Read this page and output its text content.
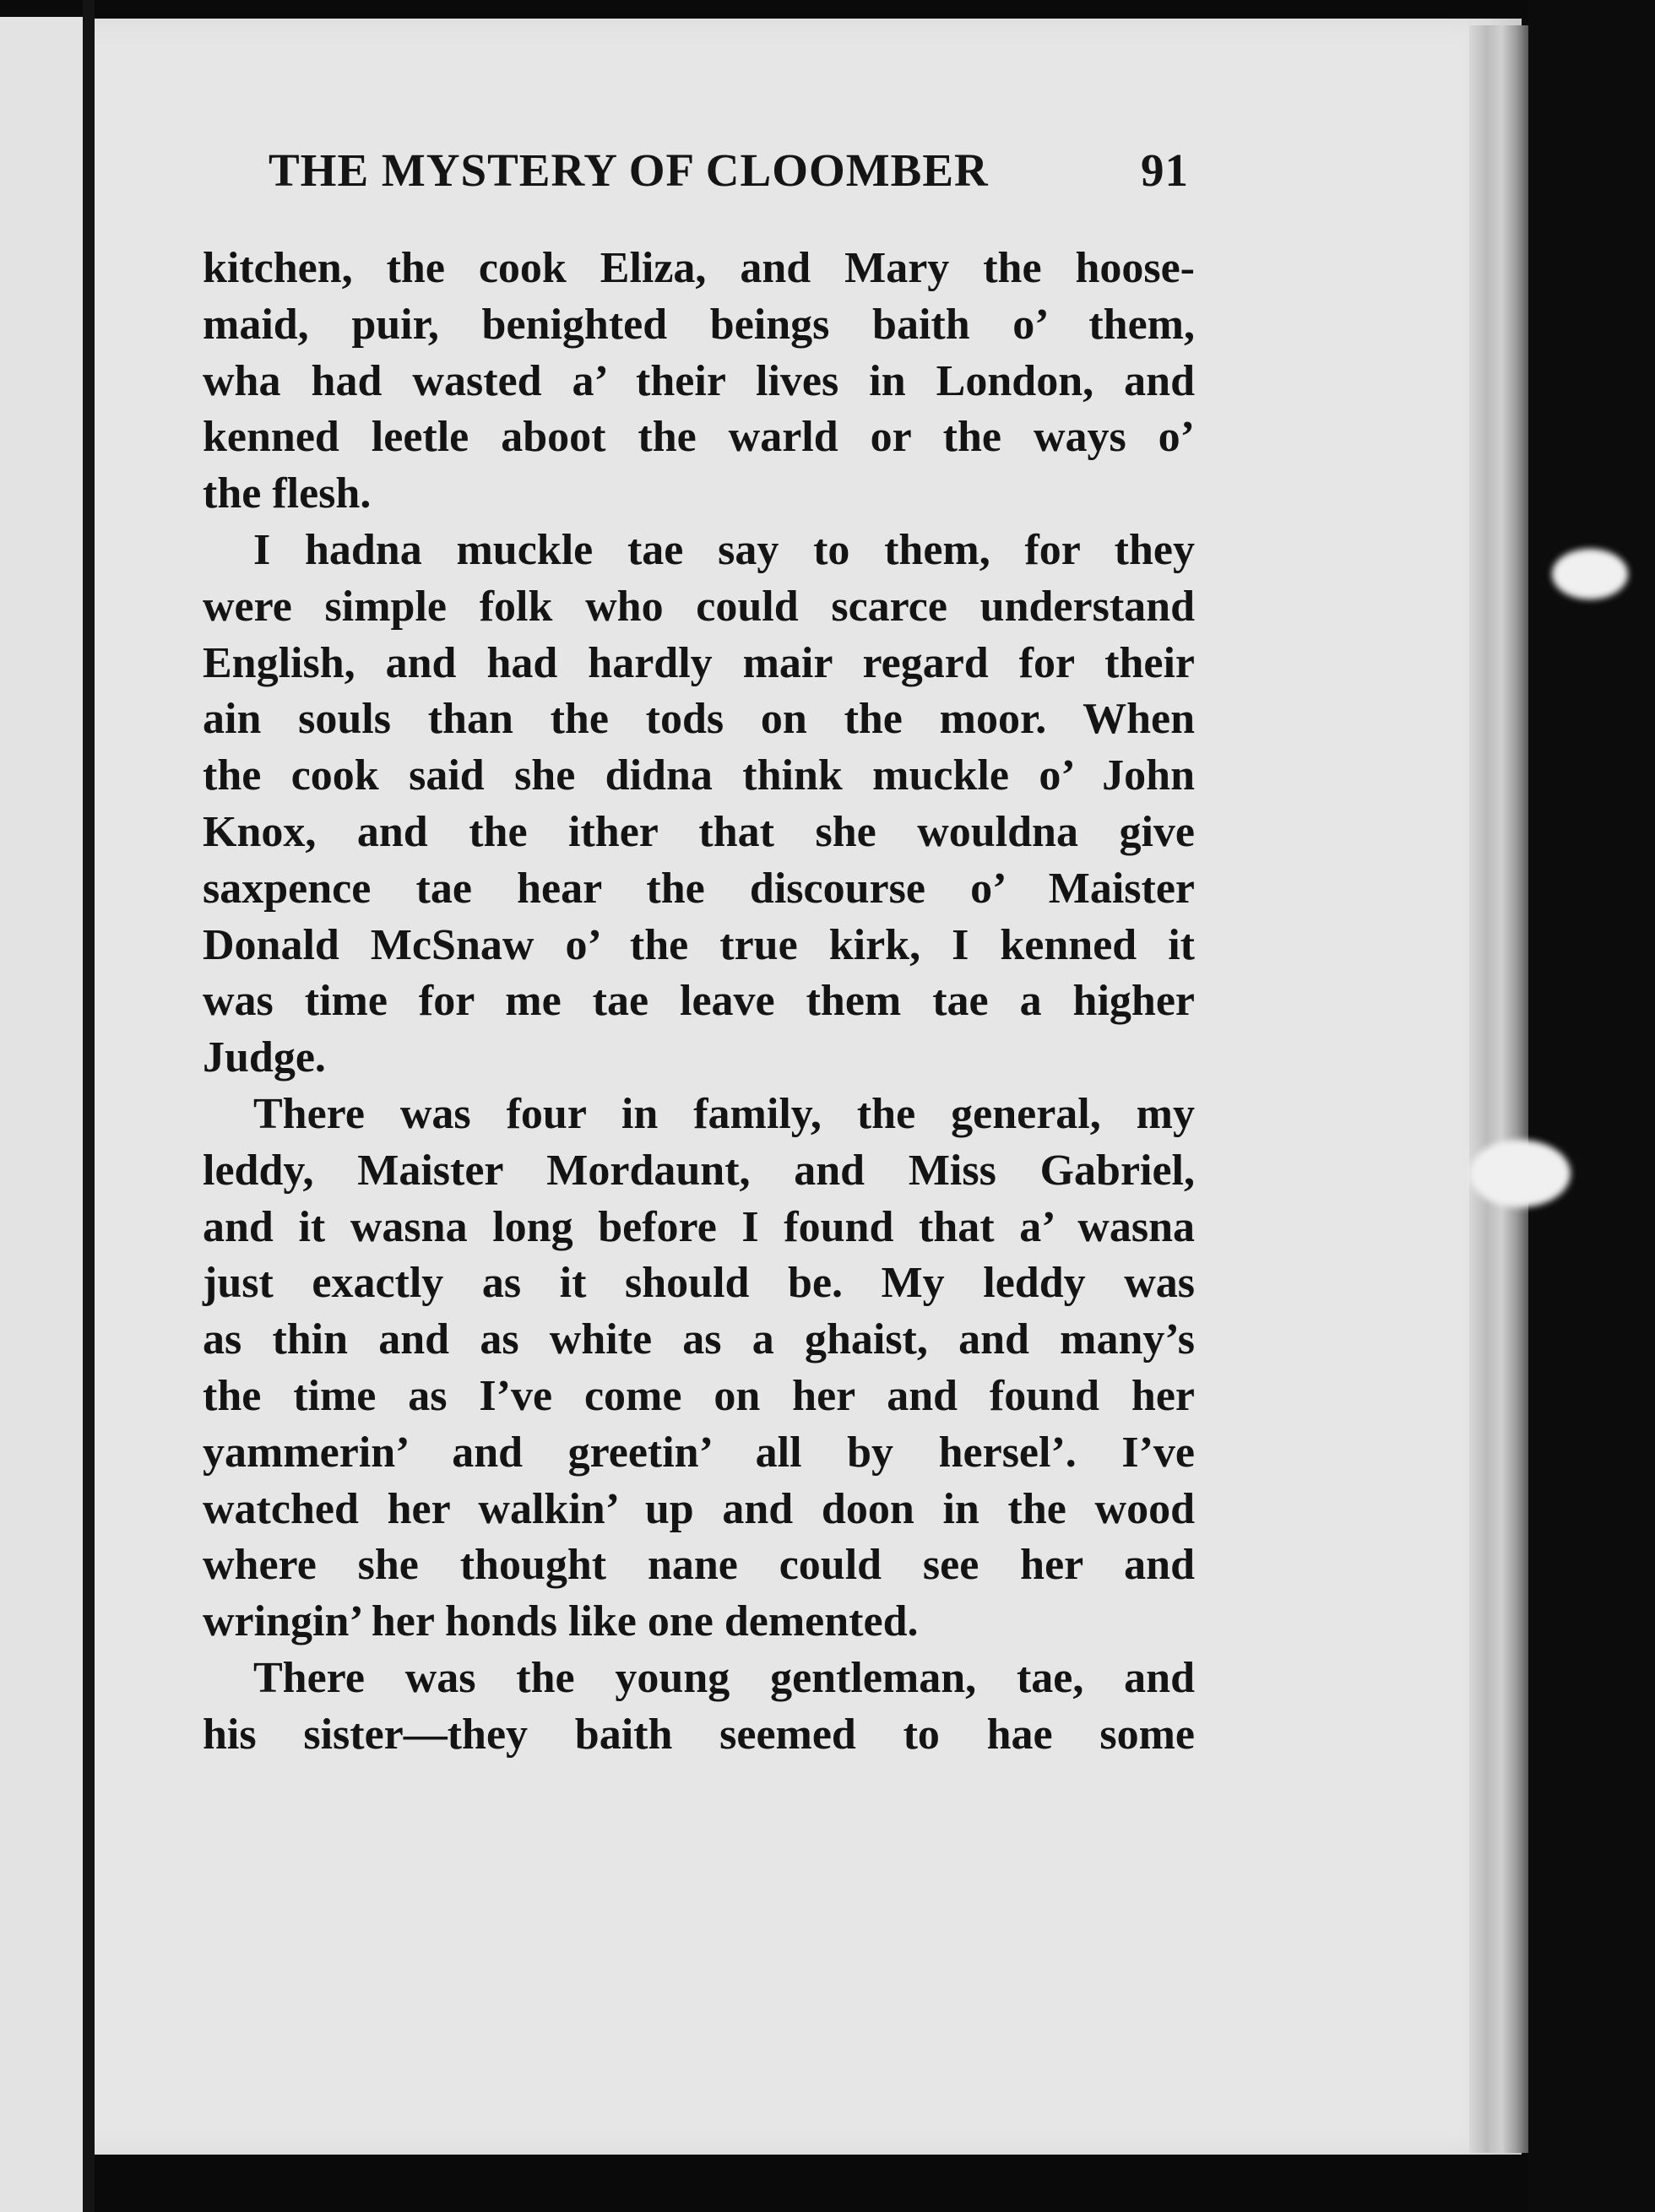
THE MYSTERY OF CLOOMBER	91
kitchen, the cook Eliza, and Mary the hoose-
maid, puir, benighted beings baith o’ them,
wha had wasted a’ their lives in London, and
kenned leetle aboot the warld or the ways o’
the flesh.
I hadna muckle tae say to them, for they
were simple folk who could scarce understand
English, and had hardly mair regard for their
ain souls than the tods on the moor. When
the cook said she didna think muckle o’ John
Knox, and the ither that she wouldna give
saxpence tae hear the discourse o’ Maister
Donald McSnaw o’ the true kirk, I kenned it
was time for me tae leave them tae a higher
Judge.
There was four in family, the general, my
leddy, Maister Mordaunt, and Miss Gabriel,
and it wasna long before I found that a’ wasna
just exactly as it should be. My leddy was
as thin and as white as a ghaist, and many’s
the time as I’ve come on her and found her
yammerin’ and greetin’ all by hersel’. I’ve
watched her walkin’ up and doon in the wood
where she thought nane could see her and
wringin’ her honds like one demented.
There was the young gentleman, tae, and
his sister—they baith seemed to hae some
